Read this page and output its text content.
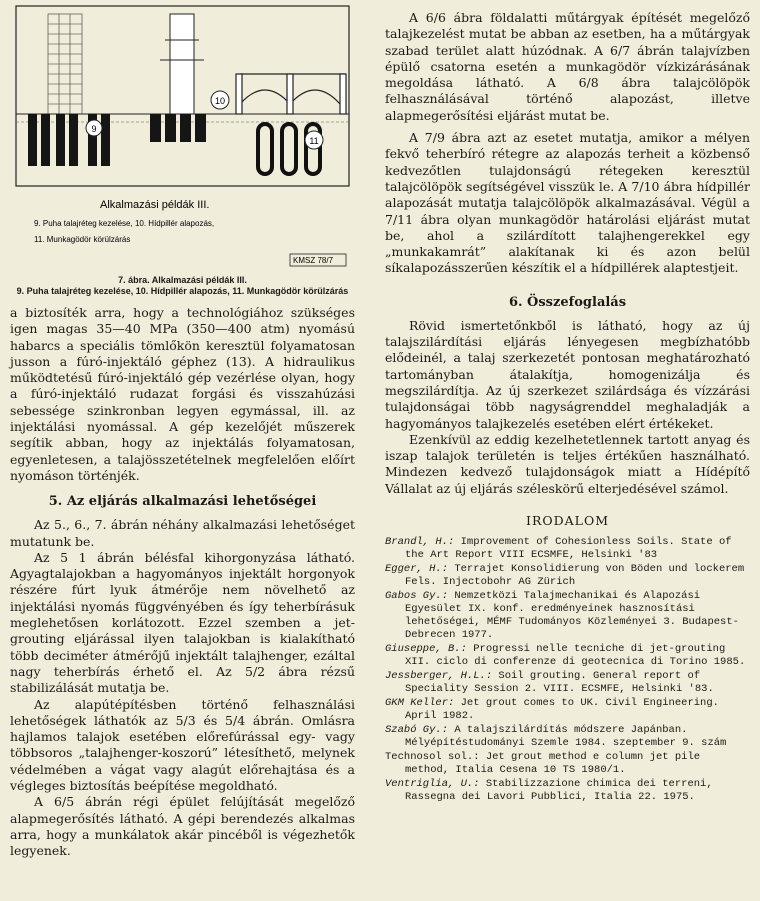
9
10
11
Alkalmazási példák III.
9. Puha talajréteg kezelése, 10. Hídpillér alapozás,
11. Munkagödör körülzárás
KMSZ 78/7
7. ábra. Alkalmazási példák III.
9. Puha talajréteg kezelése, 10. Hídpillér alapozás, 11. Munkagödör körülzárás

a biztosíték arra, hogy a technológiához szükséges igen magas 35—40 MPa (350—400 atm) nyomású habarcs a speciális tömlőkön keresztül folyamatosan jusson a fúró-injektáló géphez (13). A hidraulikus működtetésű fúró-injektáló gép vezérlése olyan, hogy a fúró-injektáló rudazat forgási és visszahúzási sebessége szinkronban legyen egymással, ill. az injektálási nyomással. A gép kezelőjét műszerek segítik abban, hogy az injektálás folyamatosan, egyenletesen, a talajösszetételnek megfelelően előírt nyomáson történjék.

5. Az eljárás alkalmazási lehetőségei

Az 5., 6., 7. ábrán néhány alkalmazási lehetőséget mutatunk be.

Az 5 1 ábrán bélésfal kihorgonyzása látható. Agyagtalajokban a hagyományos injektált horgonyok részére fúrt lyuk átmérője nem növelhető az injektálási nyomás függvényében és így teherbírásuk meglehetősen korlátozott. Ezzel szemben a jet-grouting eljárással ilyen talajokban is kialakítható több deciméter átmérőjű injektált talajhenger, ezáltal nagy teherbírás érhető el. Az 5/2 ábra rézsű stabilizálását mutatja be.

Az alapútépítésben történő felhasználási lehetőségek láthatók az 5/3 és 5/4 ábrán. Omlásra hajlamos talajok esetében előrefúrással egy- vagy többsoros „talajhenger-koszorú” létesíthető, melynek védelmében a vágat vagy alagút előrehajtása és a végleges biztosítás beépítése megoldható.

A 6/5 ábrán régi épület felújítását megelőző alapmegerősítés látható. A gépi berendezés alkalmas arra, hogy a munkálatok akár pincéből is végezhetők legyenek.

A 6/6 ábra földalatti műtárgyak építését megelőző talajkezelést mutat be abban az esetben, ha a műtárgyak szabad terület alatt húzódnak. A 6/7 ábrán talajvízben épülő csatorna esetén a munkagödör vízkizárásának megoldása látható. A 6/8 ábra talajcölöpök felhasználásával történő alapozást, illetve alapmegerősítési eljárást mutat be.

A 7/9 ábra azt az esetet mutatja, amikor a mélyen fekvő teherbíró rétegre az alapozás terheit a közbenső kedvezőtlen tulajdonságú rétegeken keresztül talajcölöpök segítségével visszük le. A 7/10 ábra hídpillér alapozását mutatja talajcölöpök alkalmazásával. Végül a 7/11 ábra olyan munkagödör határolási eljárást mutat be, ahol a szilárdított talajhengerekkel egy „munkakamrát” alakítanak ki és azon belül síkalapozásszerűen készítik el a hídpillérek alaptestjeit.

6. Összefoglalás

Rövid ismertetőnkből is látható, hogy az új talajszilárdítási eljárás lényegesen megbízhatóbb elődeinél, a talaj szerkezetét pontosan meghatározható tartományban átalakítja, homogenizálja és megszilárdítja. Az új szerkezet szilárdsága és vízzárási tulajdonságai több nagyságrenddel meghaladják a hagyományos talajkezelés esetében elért értékeket.

Ezenkívül az eddig kezelhetetlennek tartott anyag és iszap talajok területén is teljes értékűen használható. Mindezen kedvező tulajdonságok miatt a Hídépítő Vállalat az új eljárás széleskörű elterjedésével számol.

IRODALOM
Brandl, H.: Improvement of Cohesionless Soils. State of the Art Report VIII ECSMFE, Helsinki '83
Egger, H.: Terrajet Konsolidierung von Böden und lockerem Fels. Injectobohr AG Zürich
Gabos Gy.: Nemzetközi Talajmechanikai és Alapozási Egyesület IX. konf. eredményeinek hasznosítási lehetőségei, MÉMF Tudományos Közleményei 3. Budapest-Debrecen 1977.
Giuseppe, B.: Progressi nelle tecniche di jet-grouting XII. ciclo di conferenze di geotecnica di Torino 1985.
Jessberger, H.L.: Soil grouting. General report of Speciality Session 2. VIII. ECSMFE, Helsinki '83.
GKM Keller: Jet grout comes to UK. Civil Engineering. April 1982.
Szabó Gy.: A talajszilárdítás módszere Japánban. Mélyépítéstudományi Szemle 1984. szeptember 9. szám
Technosol sol.: Jet grout method e column jet pile method, Italia Cesena 10 TS 1980/1.
Ventriglia, U.: Stabilizzazione chimica dei terreni, Rassegna dei Lavori Pubblici, Italia 22. 1975.
